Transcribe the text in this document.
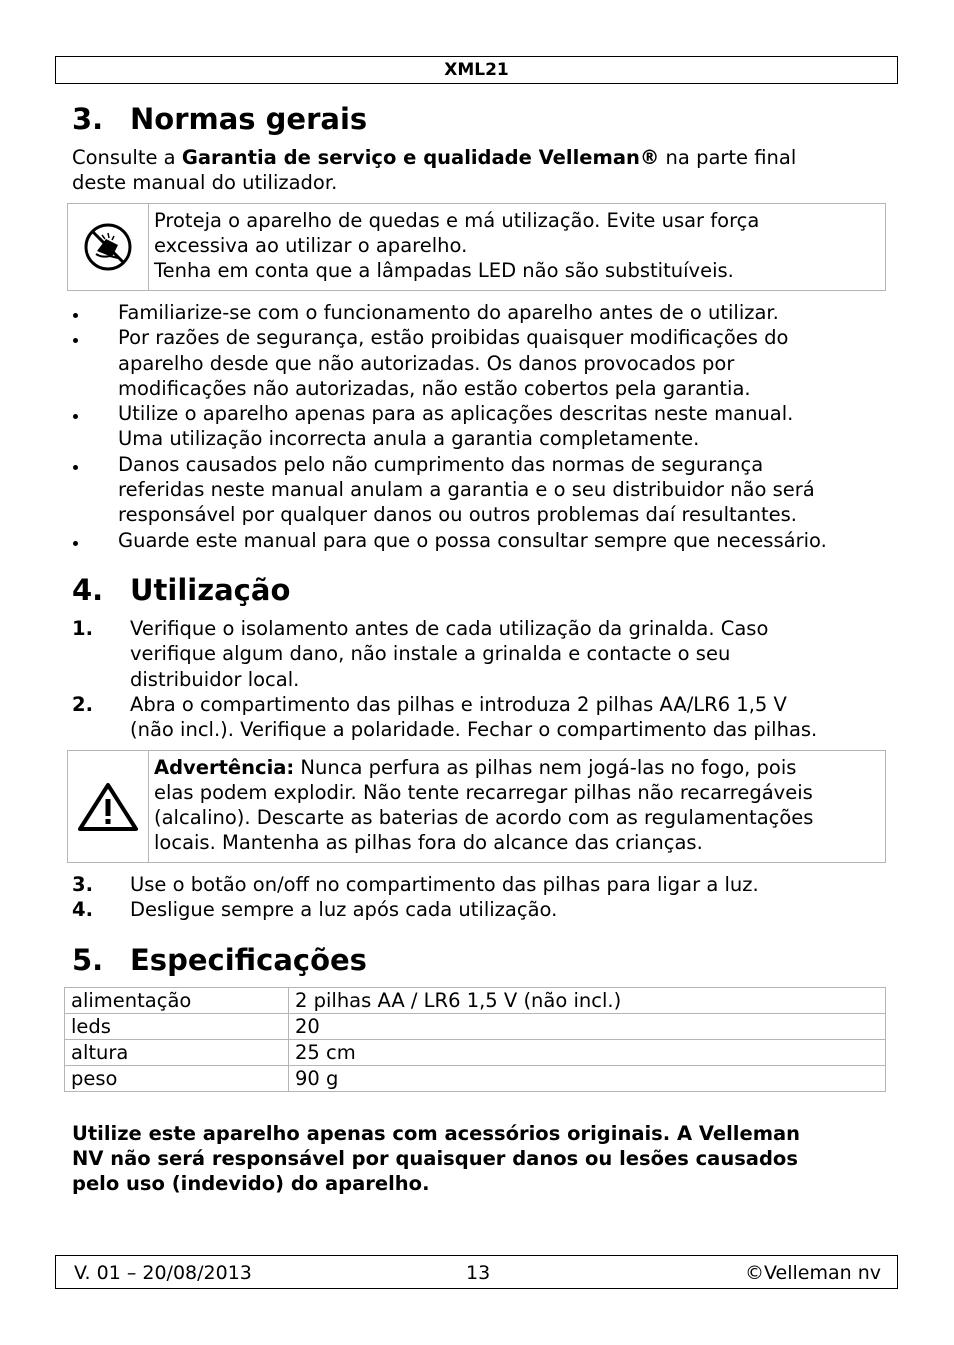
XML21
3. Normas gerais
Consulte a Garantia de serviço e qualidade Velleman® na parte final
deste manual do utilizador.
Proteja o aparelho de quedas e má utilização. Evite usar força
excessiva ao utilizar o aparelho.
Tenha em conta que a lâmpadas LED não são substituíveis.
Familiarize-se com o funcionamento do aparelho antes de o utilizar.
Por razões de segurança, estão proibidas quaisquer modificações do
aparelho desde que não autorizadas. Os danos provocados por
modificações não autorizadas, não estão cobertos pela garantia.
Utilize o aparelho apenas para as aplicações descritas neste manual.
Uma utilização incorrecta anula a garantia completamente.
Danos causados pelo não cumprimento das normas de segurança
referidas neste manual anulam a garantia e o seu distribuidor não será
responsável por qualquer danos ou outros problemas daí resultantes.
Guarde este manual para que o possa consultar sempre que necessário.
4. Utilização
1. Verifique o isolamento antes de cada utilização da grinalda. Caso
verifique algum dano, não instale a grinalda e contacte o seu
distribuidor local.
2. Abra o compartimento das pilhas e introduza 2 pilhas AA/LR6 1,5 V
(não incl.). Verifique a polaridade. Fechar o compartimento das pilhas.
Advertência: Nunca perfura as pilhas nem jogá-las no fogo, pois
elas podem explodir. Não tente recarregar pilhas não recarregáveis
(alcalino). Descarte as baterias de acordo com as regulamentações
locais. Mantenha as pilhas fora do alcance das crianças.
3. Use o botão on/off no compartimento das pilhas para ligar a luz.
4. Desligue sempre a luz após cada utilização.
5. Especificações
alimentação	2 pilhas AA / LR6 1,5 V (não incl.)
leds	20
altura	25 cm
peso	90 g
Utilize este aparelho apenas com acessórios originais. A Velleman
NV não será responsável por quaisquer danos ou lesões causados
pelo uso (indevido) do aparelho.
V. 01 – 20/08/2013	13	©Velleman nv
